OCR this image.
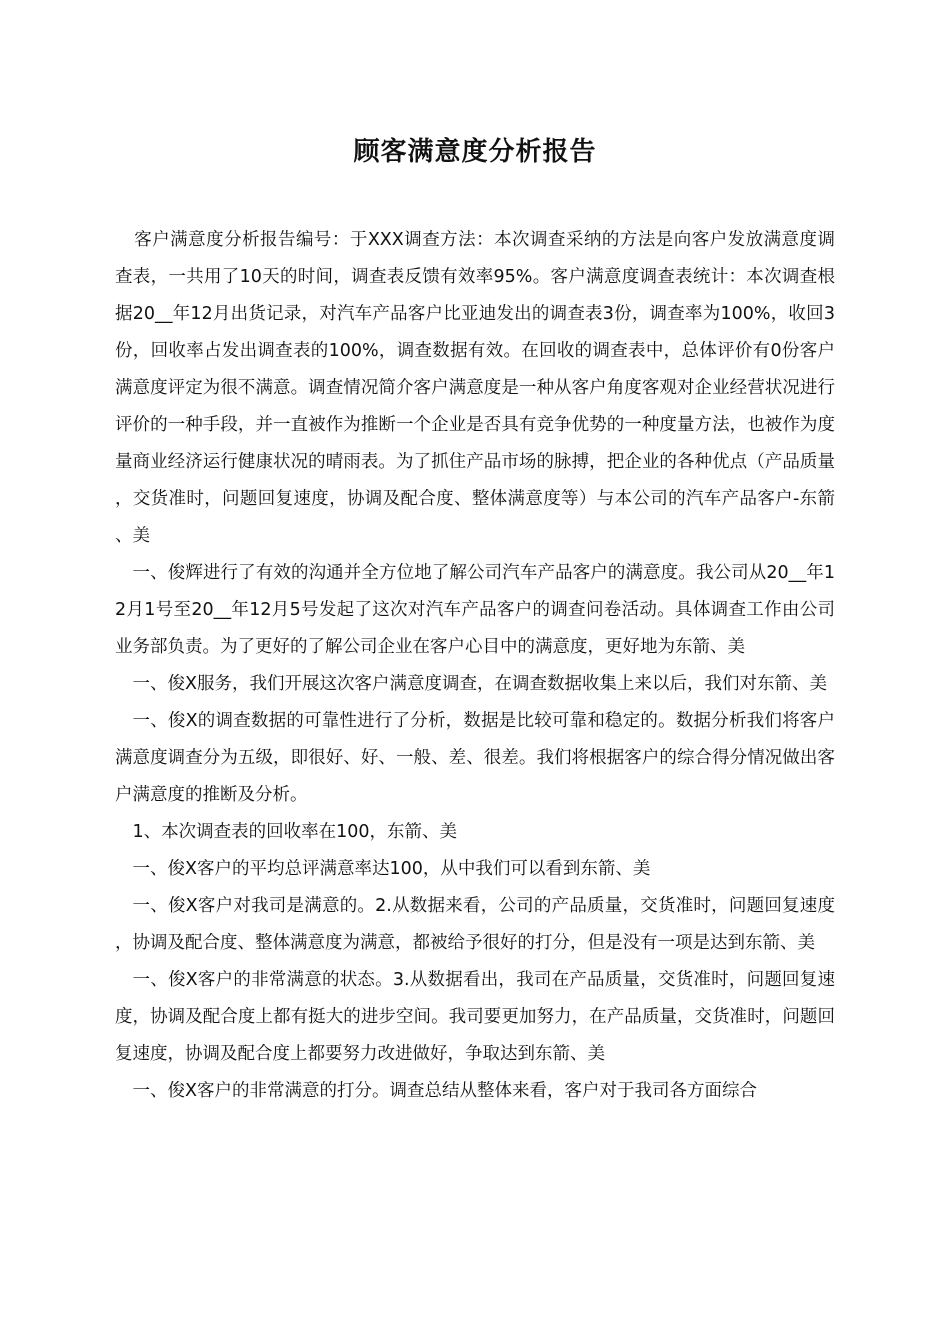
顾客满意度分析报告

客户满意度分析报告编号：于XXX调查方法：本次调查采纳的方法是向客户发放满意度调查表，一共用了10天的时间，调查表反馈有效率95%。客户满意度调查表统计：本次调查根据20__年12月出货记录，对汽车产品客户比亚迪发出的调查表3份，调查率为100%，收回3份，回收率占发出调查表的100%，调查数据有效。在回收的调查表中，总体评价有0份客户满意度评定为很不满意。调查情况简介客户满意度是一种从客户角度客观对企业经营状况进行评价的一种手段，并一直被作为推断一个企业是否具有竞争优势的一种度量方法，也被作为度量商业经济运行健康状况的晴雨表。为了抓住产品市场的脉搏，把企业的各种优点（产品质量，交货准时，问题回复速度，协调及配合度、整体满意度等）与本公司的汽车产品客户-东箭、美

一、俊辉进行了有效的沟通并全方位地了解公司汽车产品客户的满意度。我公司从20__年12月1号至20__年12月5号发起了这次对汽车产品客户的调查问卷活动。具体调查工作由公司业务部负责。为了更好的了解公司企业在客户心目中的满意度，更好地为东箭、美

一、俊X服务，我们开展这次客户满意度调查，在调查数据收集上来以后，我们对东箭、美

一、俊X的调查数据的可靠性进行了分析，数据是比较可靠和稳定的。数据分析我们将客户满意度调查分为五级，即很好、好、一般、差、很差。我们将根据客户的综合得分情况做出客户满意度的推断及分析。

1、本次调查表的回收率在100，东箭、美

一、俊X客户的平均总评满意率达100，从中我们可以看到东箭、美

一、俊X客户对我司是满意的。2.从数据来看，公司的产品质量，交货准时，问题回复速度，协调及配合度、整体满意度为满意，都被给予很好的打分，但是没有一项是达到东箭、美

一、俊X客户的非常满意的状态。3.从数据看出，我司在产品质量，交货准时，问题回复速度，协调及配合度上都有挺大的进步空间。我司要更加努力，在产品质量，交货准时，问题回复速度，协调及配合度上都要努力改进做好，争取达到东箭、美

一、俊X客户的非常满意的打分。调查总结从整体来看，客户对于我司各方面综合
